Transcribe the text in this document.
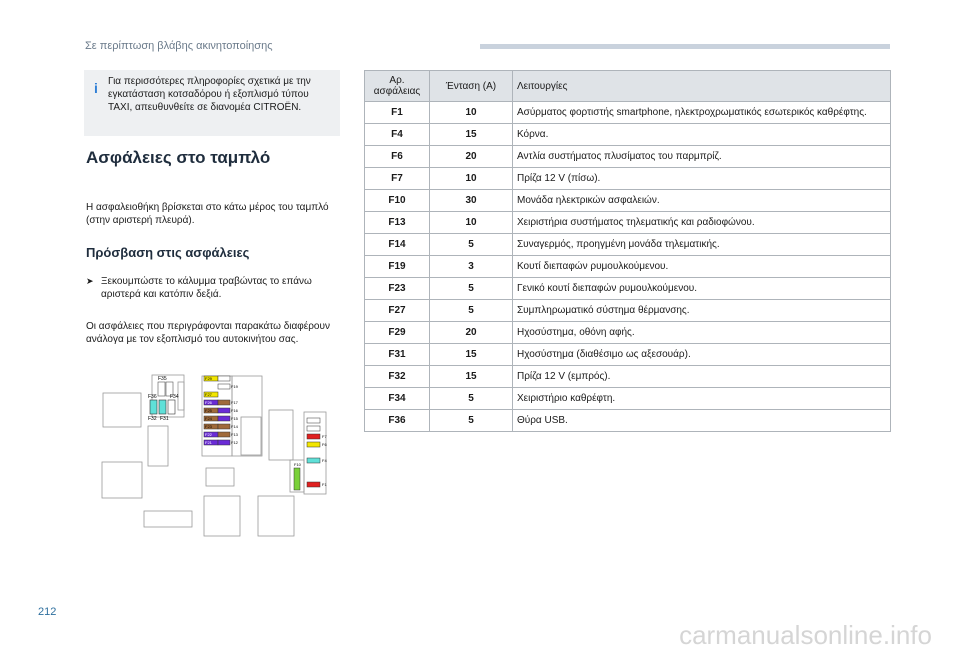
Σε περίπτωση βλάβης ακινητοποίησης
i	Για περισσότερες πληροφορίες σχετικά με την εγκατάσταση κοτσαδόρου ή εξοπλισμό τύπου TAXI, απευθυνθείτε σε διανομέα CITROËN.
Ασφάλειες στο ταμπλό

Η ασφαλειοθήκη βρίσκεται στο κάτω μέρος του ταμπλό (στην αριστερή πλευρά).

Πρόσβαση στις ασφάλειες
➤ Ξεκουμπώστε το κάλυμμα τραβώντας το επάνω αριστερά και κατόπιν δεξιά.

Οι ασφάλειες που περιγράφονται παρακάτω διαφέρουν ανάλογα με τον εξοπλισμό του αυτοκινήτου σας.

F35
F36	F34
F32 F31
F29
F27
F26
F25
F24
F23
F22
F21
F19
F17
F16
F15
F14
F13
F12
F10
F7
F6
F4
F1
Αρ. ασφάλειας	Ένταση (A)	Λειτουργίες
F1	10	Ασύρματος φορτιστής smartphone, ηλεκτροχρωματικός εσωτερικός καθρέφτης.
F4	15	Κόρνα.
F6	20	Αντλία συστήματος πλυσίματος του παρμπρίζ.
F7	10	Πρίζα 12 V (πίσω).
F10	30	Μονάδα ηλεκτρικών ασφαλειών.
F13	10	Χειριστήρια συστήματος τηλεματικής και ραδιοφώνου.
F14	5	Συναγερμός, προηγμένη μονάδα τηλεματικής.
F19	3	Κουτί διεπαφών ρυμουλκούμενου.
F23	5	Γενικό κουτί διεπαφών ρυμουλκούμενου.
F27	5	Συμπληρωματικό σύστημα θέρμανσης.
F29	20	Ηχοσύστημα, οθόνη αφής.
F31	15	Ηχοσύστημα (διαθέσιμο ως αξεσουάρ).
F32	15	Πρίζα 12 V (εμπρός).
F34	5	Χειριστήριο καθρέφτη.
F36	5	Θύρα USB.
212
carmanualsonline.info
